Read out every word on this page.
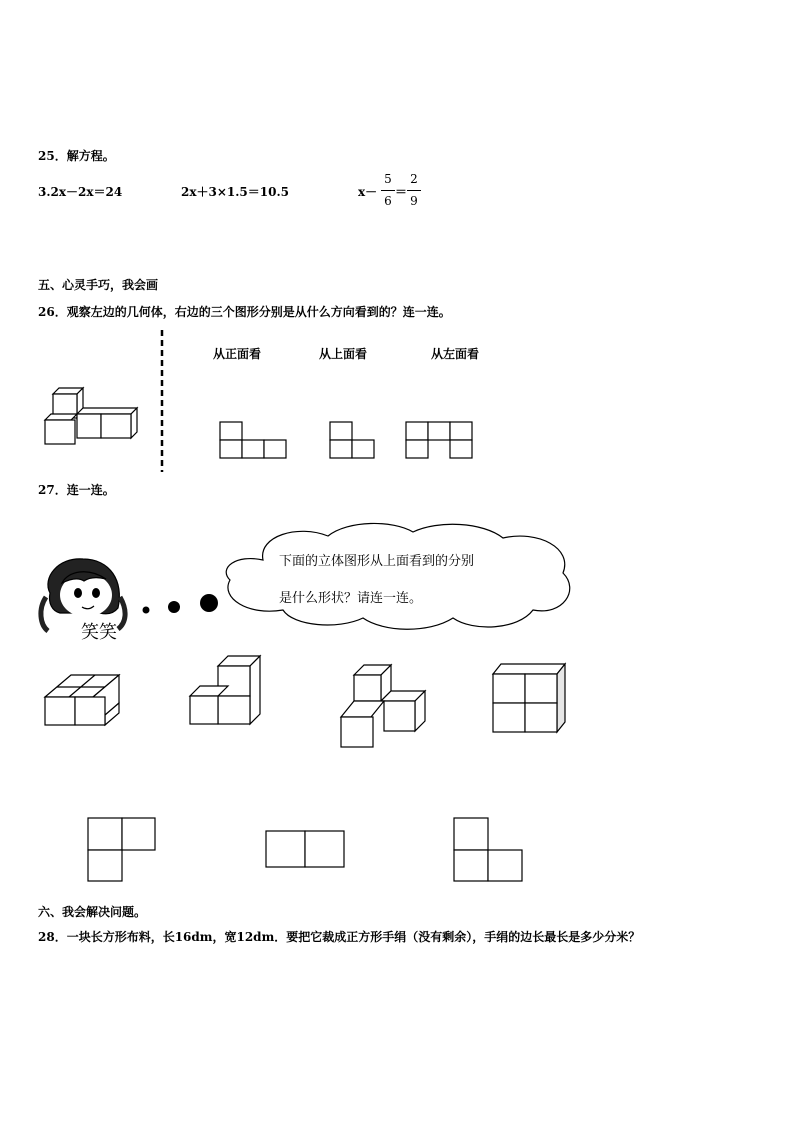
25．解方程。
3.2x－2x＝24	2x＋3×1.5＝10.5	x－
5
6
＝
2
9
五、心灵手巧，我会画
26．观察左边的几何体，右边的三个图形分别是从什么方向看到的？连一连。
从正面看	从上面看	从左面看
27．连一连。
笑笑
下面的立体图形从上面看到的分别
是什么形状？请连一连。
六、我会解决问题。
28．一块长方形布料，长16dm，宽12dm．要把它裁成正方形手绢（没有剩余），手绢的边长最长是多少分米？
